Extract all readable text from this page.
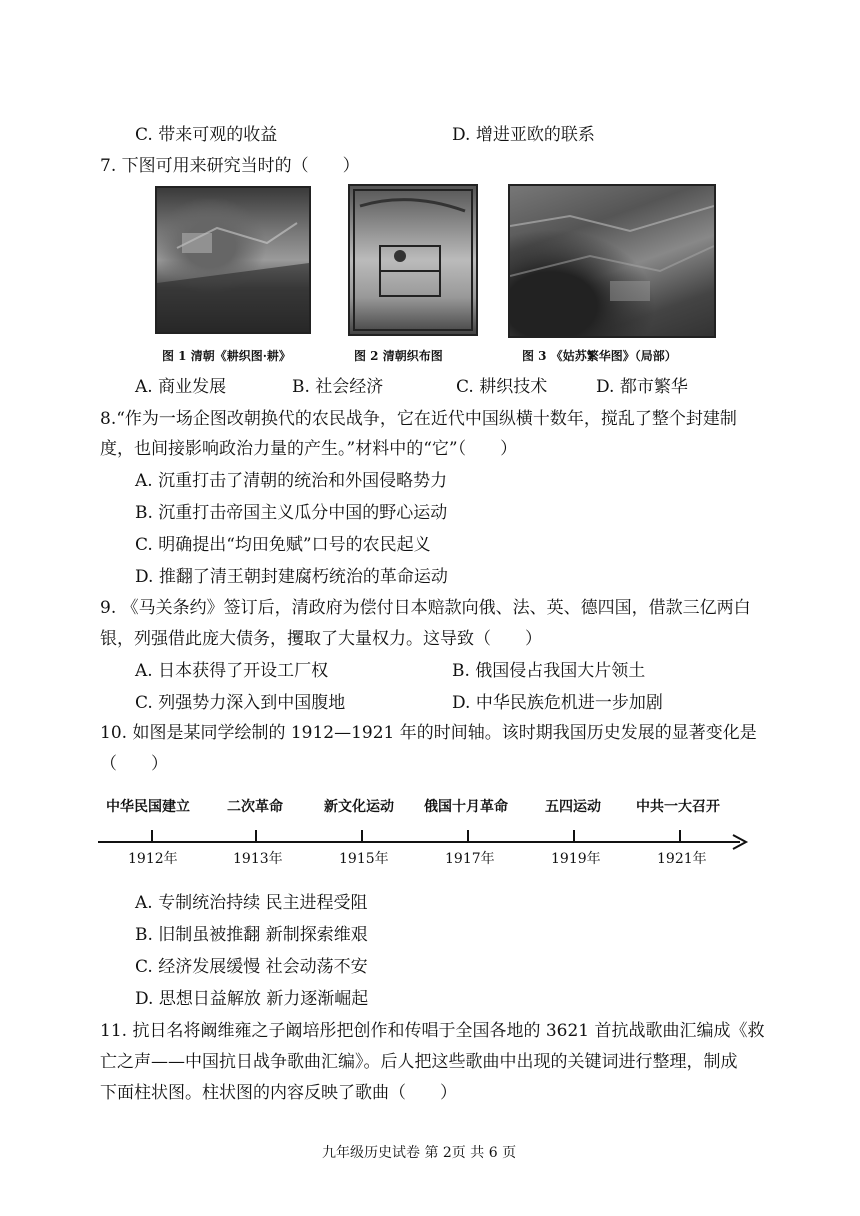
C. 带来可观的收益	D. 增进亚欧的联系
7. 下图可用来研究当时的（　　）
图 1 清朝《耕织图·耕》	图 2 清朝织布图	图 3 《姑苏繁华图》（局部）
A. 商业发展	B. 社会经济	C. 耕织技术	D. 都市繁华
8.“作为一场企图改朝换代的农民战争，它在近代中国纵横十数年，搅乱了整个封建制
度，也间接影响政治力量的产生。”材料中的“它”（　　）
A. 沉重打击了清朝的统治和外国侵略势力
B. 沉重打击帝国主义瓜分中国的野心运动
C. 明确提出“均田免赋”口号的农民起义
D. 推翻了清王朝封建腐朽统治的革命运动
9. 《马关条约》签订后，清政府为偿付日本赔款向俄、法、英、德四国，借款三亿两白
银，列强借此庞大债务，攫取了大量权力。这导致（　　）
A. 日本获得了开设工厂权	B. 俄国侵占我国大片领土
C. 列强势力深入到中国腹地	D. 中华民族危机进一步加剧
10. 如图是某同学绘制的 1912—1921 年的时间轴。该时期我国历史发展的显著变化是
（　　）
中华民国建立	二次革命	新文化运动 俄国十月革命	五四运动	中共一大召开
1912年	1913年	1915年	1917年	1919年	1921年
A. 专制统治持续 民主进程受阻
B. 旧制虽被推翻 新制探索维艰
C. 经济发展缓慢 社会动荡不安
D. 思想日益解放 新力逐渐崛起
11. 抗日名将阚维雍之子阚培彤把创作和传唱于全国各地的 3621 首抗战歌曲汇编成《救
亡之声——中国抗日战争歌曲汇编》。后人把这些歌曲中出现的关键词进行整理，制成
下面柱状图。柱状图的内容反映了歌曲（　　）
九年级历史试卷 第 2页 共 6 页
